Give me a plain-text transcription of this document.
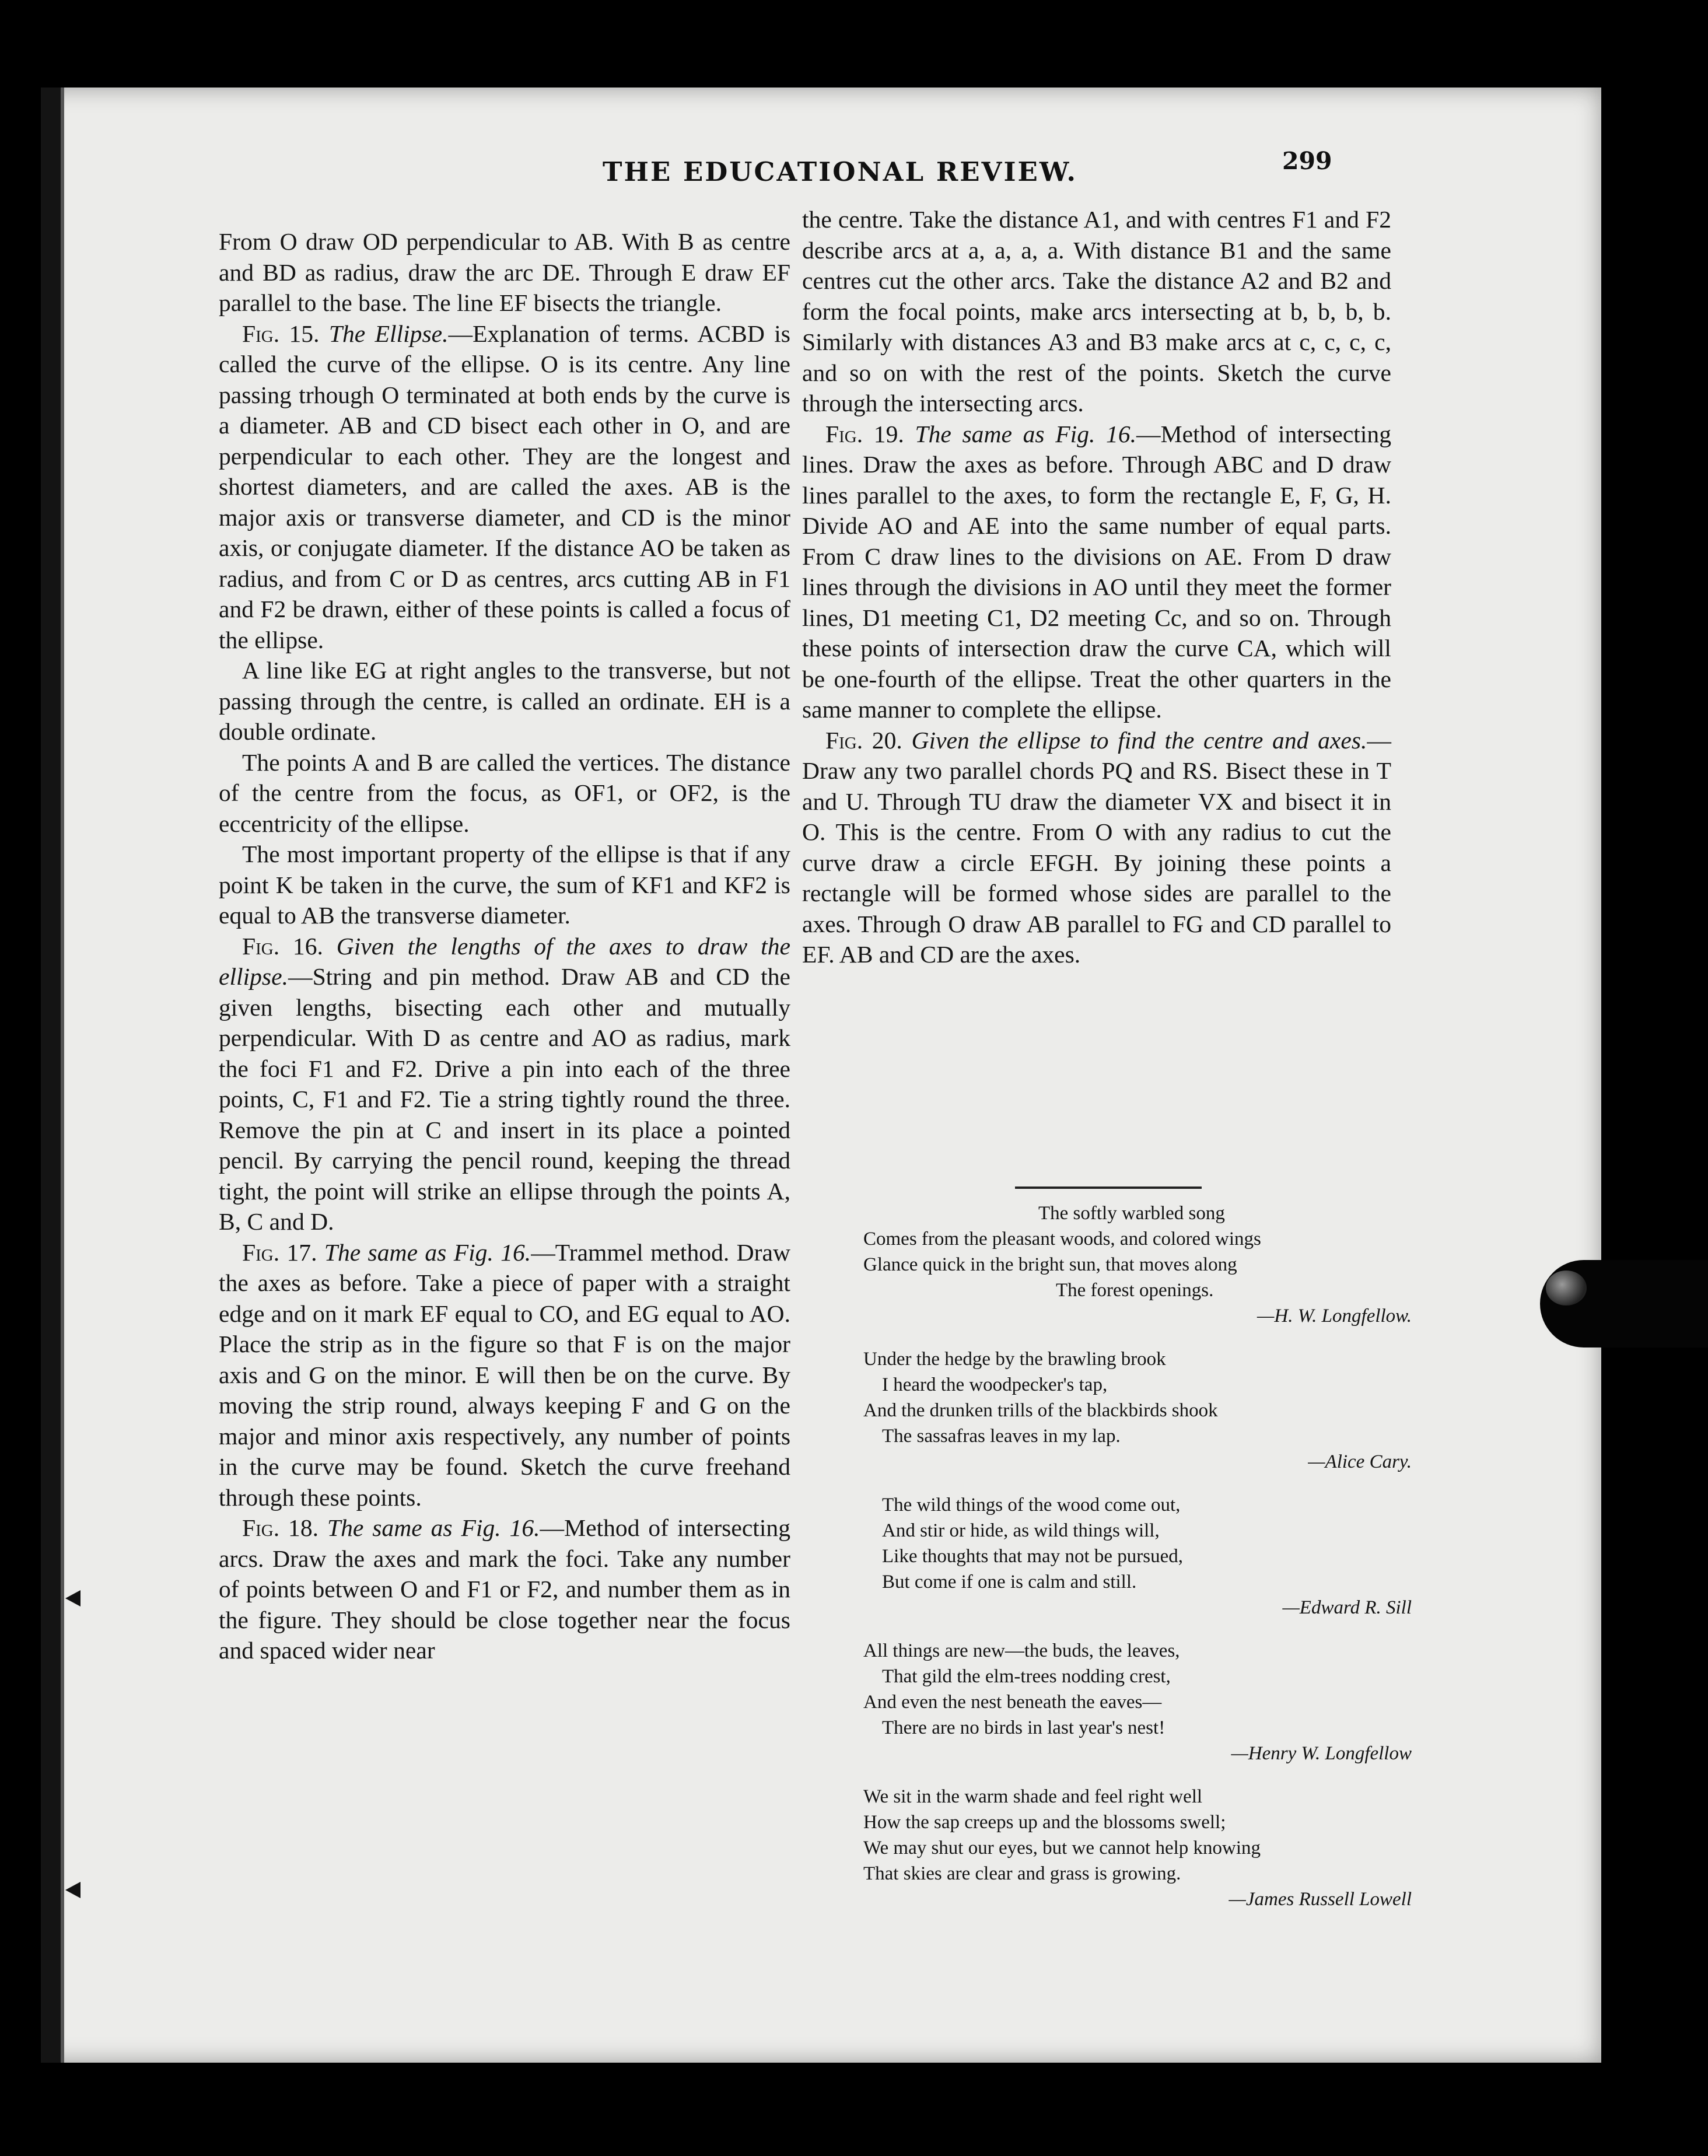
THE EDUCATIONAL REVIEW.	299

From O draw OD perpendicular to AB. With B as centre and BD as radius, draw the arc DE. Through E draw EF parallel to the base. The line EF bisects the triangle.

Fig. 15. The Ellipse.—Explanation of terms. ACBD is called the curve of the ellipse. O is its centre. Any line passing trhough O terminated at both ends by the curve is a diameter. AB and CD bisect each other in O, and are perpendicular to each other. They are the longest and shortest diameters, and are called the axes. AB is the major axis or transverse diameter, and CD is the minor axis, or conjugate diameter. If the distance AO be taken as radius, and from C or D as centres, arcs cutting AB in F1 and F2 be drawn, either of these points is called a focus of the ellipse.

A line like EG at right angles to the transverse, but not passing through the centre, is called an ordinate. EH is a double ordinate.

The points A and B are called the vertices. The distance of the centre from the focus, as OF1, or OF2, is the eccentricity of the ellipse.

The most important property of the ellipse is that if any point K be taken in the curve, the sum of KF1 and KF2 is equal to AB the transverse diameter.

Fig. 16. Given the lengths of the axes to draw the ellipse.—String and pin method. Draw AB and CD the given lengths, bisecting each other and mutually perpendicular. With D as centre and AO as radius, mark the foci F1 and F2. Drive a pin into each of the three points, C, F1 and F2. Tie a string tightly round the three. Remove the pin at C and insert in its place a pointed pencil. By carrying the pencil round, keeping the thread tight, the point will strike an ellipse through the points A, B, C and D.

Fig. 17. The same as Fig. 16.—Trammel method. Draw the axes as before. Take a piece of paper with a straight edge and on it mark EF equal to CO, and EG equal to AO. Place the strip as in the figure so that F is on the major axis and G on the minor. E will then be on the curve. By moving the strip round, always keeping F and G on the major and minor axis respectively, any number of points in the curve may be found. Sketch the curve freehand through these points.

Fig. 18. The same as Fig. 16.—Method of intersecting arcs. Draw the axes and mark the foci. Take any number of points between O and F1 or F2, and number them as in the figure. They should be close together near the focus and spaced wider near

the centre. Take the distance A1, and with centres F1 and F2 describe arcs at a, a, a, a. With distance B1 and the same centres cut the other arcs. Take the distance A2 and B2 and form the focal points, make arcs intersecting at b, b, b, b. Similarly with distances A3 and B3 make arcs at c, c, c, c, and so on with the rest of the points. Sketch the curve through the intersecting arcs.

Fig. 19. The same as Fig. 16.—Method of intersecting lines. Draw the axes as before. Through ABC and D draw lines parallel to the axes, to form the rectangle E, F, G, H. Divide AO and AE into the same number of equal parts. From C draw lines to the divisions on AE. From D draw lines through the divisions in AO until they meet the former lines, D1 meeting C1, D2 meeting Cc, and so on. Through these points of intersection draw the curve CA, which will be one-fourth of the ellipse. Treat the other quarters in the same manner to complete the ellipse.

Fig. 20. Given the ellipse to find the centre and axes.—Draw any two parallel chords PQ and RS. Bisect these in T and U. Through TU draw the diameter VX and bisect it in O. This is the centre. From O with any radius to cut the curve draw a circle EFGH. By joining these points a rectangle will be formed whose sides are parallel to the axes. Through O draw AB parallel to FG and CD parallel to EF. AB and CD are the axes.

The softly warbled song
Comes from the pleasant woods, and colored wings
Glance quick in the bright sun, that moves along
The forest openings.
—H. W. Longfellow.
Under the hedge by the brawling brook
I heard the woodpecker's tap,
And the drunken trills of the blackbirds shook
The sassafras leaves in my lap.
—Alice Cary.
The wild things of the wood come out,
And stir or hide, as wild things will,
Like thoughts that may not be pursued,
But come if one is calm and still.
—Edward R. Sill
All things are new—the buds, the leaves,
That gild the elm-trees nodding crest,
And even the nest beneath the eaves—
There are no birds in last year's nest!
—Henry W. Longfellow
We sit in the warm shade and feel right well
How the sap creeps up and the blossoms swell;
We may shut our eyes, but we cannot help knowing
That skies are clear and grass is growing.
—James Russell Lowell
